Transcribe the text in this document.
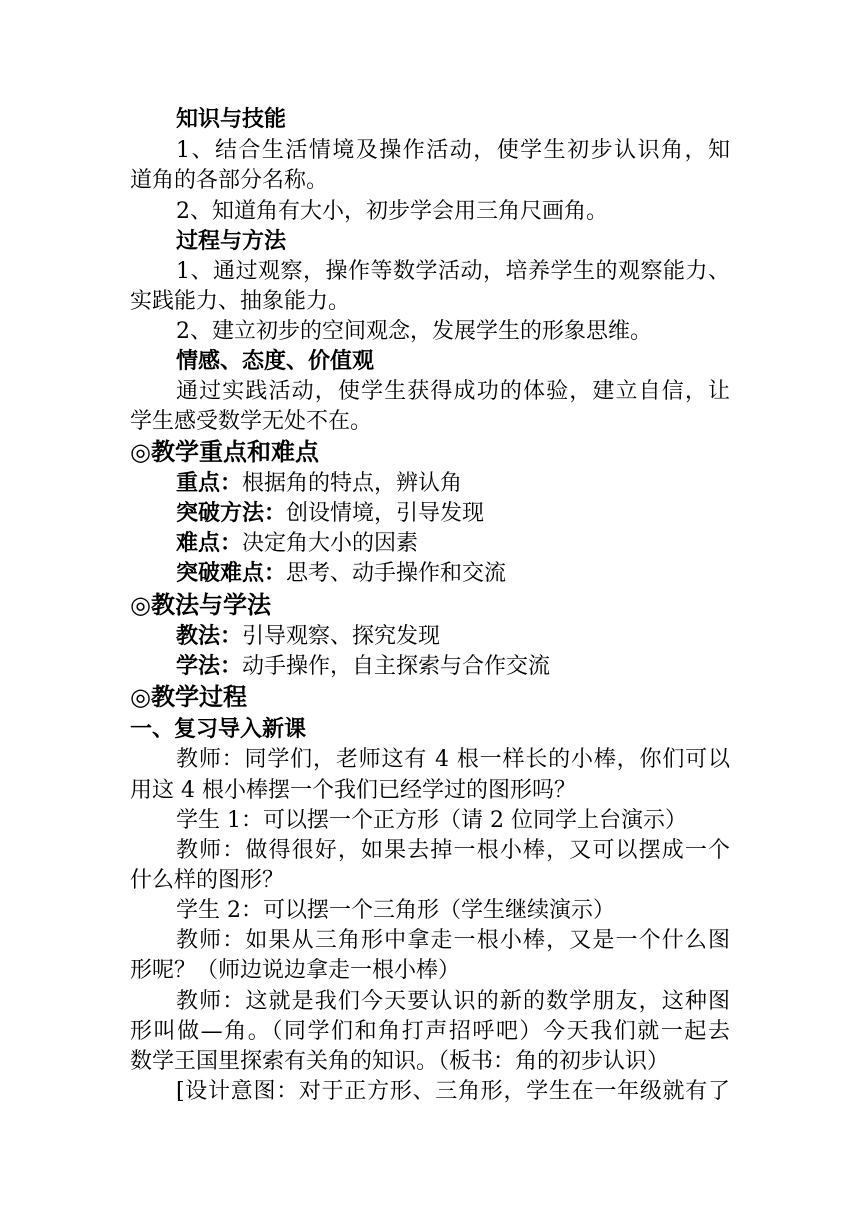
知识与技能
1、结合生活情境及操作活动，使学生初步认识角，知
道角的各部分名称。
2、知道角有大小，初步学会用三角尺画角。
过程与方法
1、通过观察，操作等数学活动，培养学生的观察能力、
实践能力、抽象能力。
2、建立初步的空间观念，发展学生的形象思维。
情感、态度、价值观
通过实践活动，使学生获得成功的体验，建立自信，让
学生感受数学无处不在。
◎教学重点和难点
重点：根据角的特点，辨认角
突破方法：创设情境，引导发现
难点：决定角大小的因素
突破难点：思考、动手操作和交流
◎教法与学法
教法：引导观察、探究发现
学法：动手操作，自主探索与合作交流
◎教学过程
一、复习导入新课
教师：同学们，老师这有 4 根一样长的小棒，你们可以
用这 4 根小棒摆一个我们已经学过的图形吗？
学生 1：可以摆一个正方形（请 2 位同学上台演示）
教师：做得很好，如果去掉一根小棒，又可以摆成一个
什么样的图形？
学生 2：可以摆一个三角形（学生继续演示）
教师：如果从三角形中拿走一根小棒，又是一个什么图
形呢？（师边说边拿走一根小棒）
教师：这就是我们今天要认识的新的数学朋友，这种图
形叫做—角。（同学们和角打声招呼吧）今天我们就一起去
数学王国里探索有关角的知识。（板书：角的初步认识）
[设计意图：对于正方形、三角形，学生在一年级就有了
